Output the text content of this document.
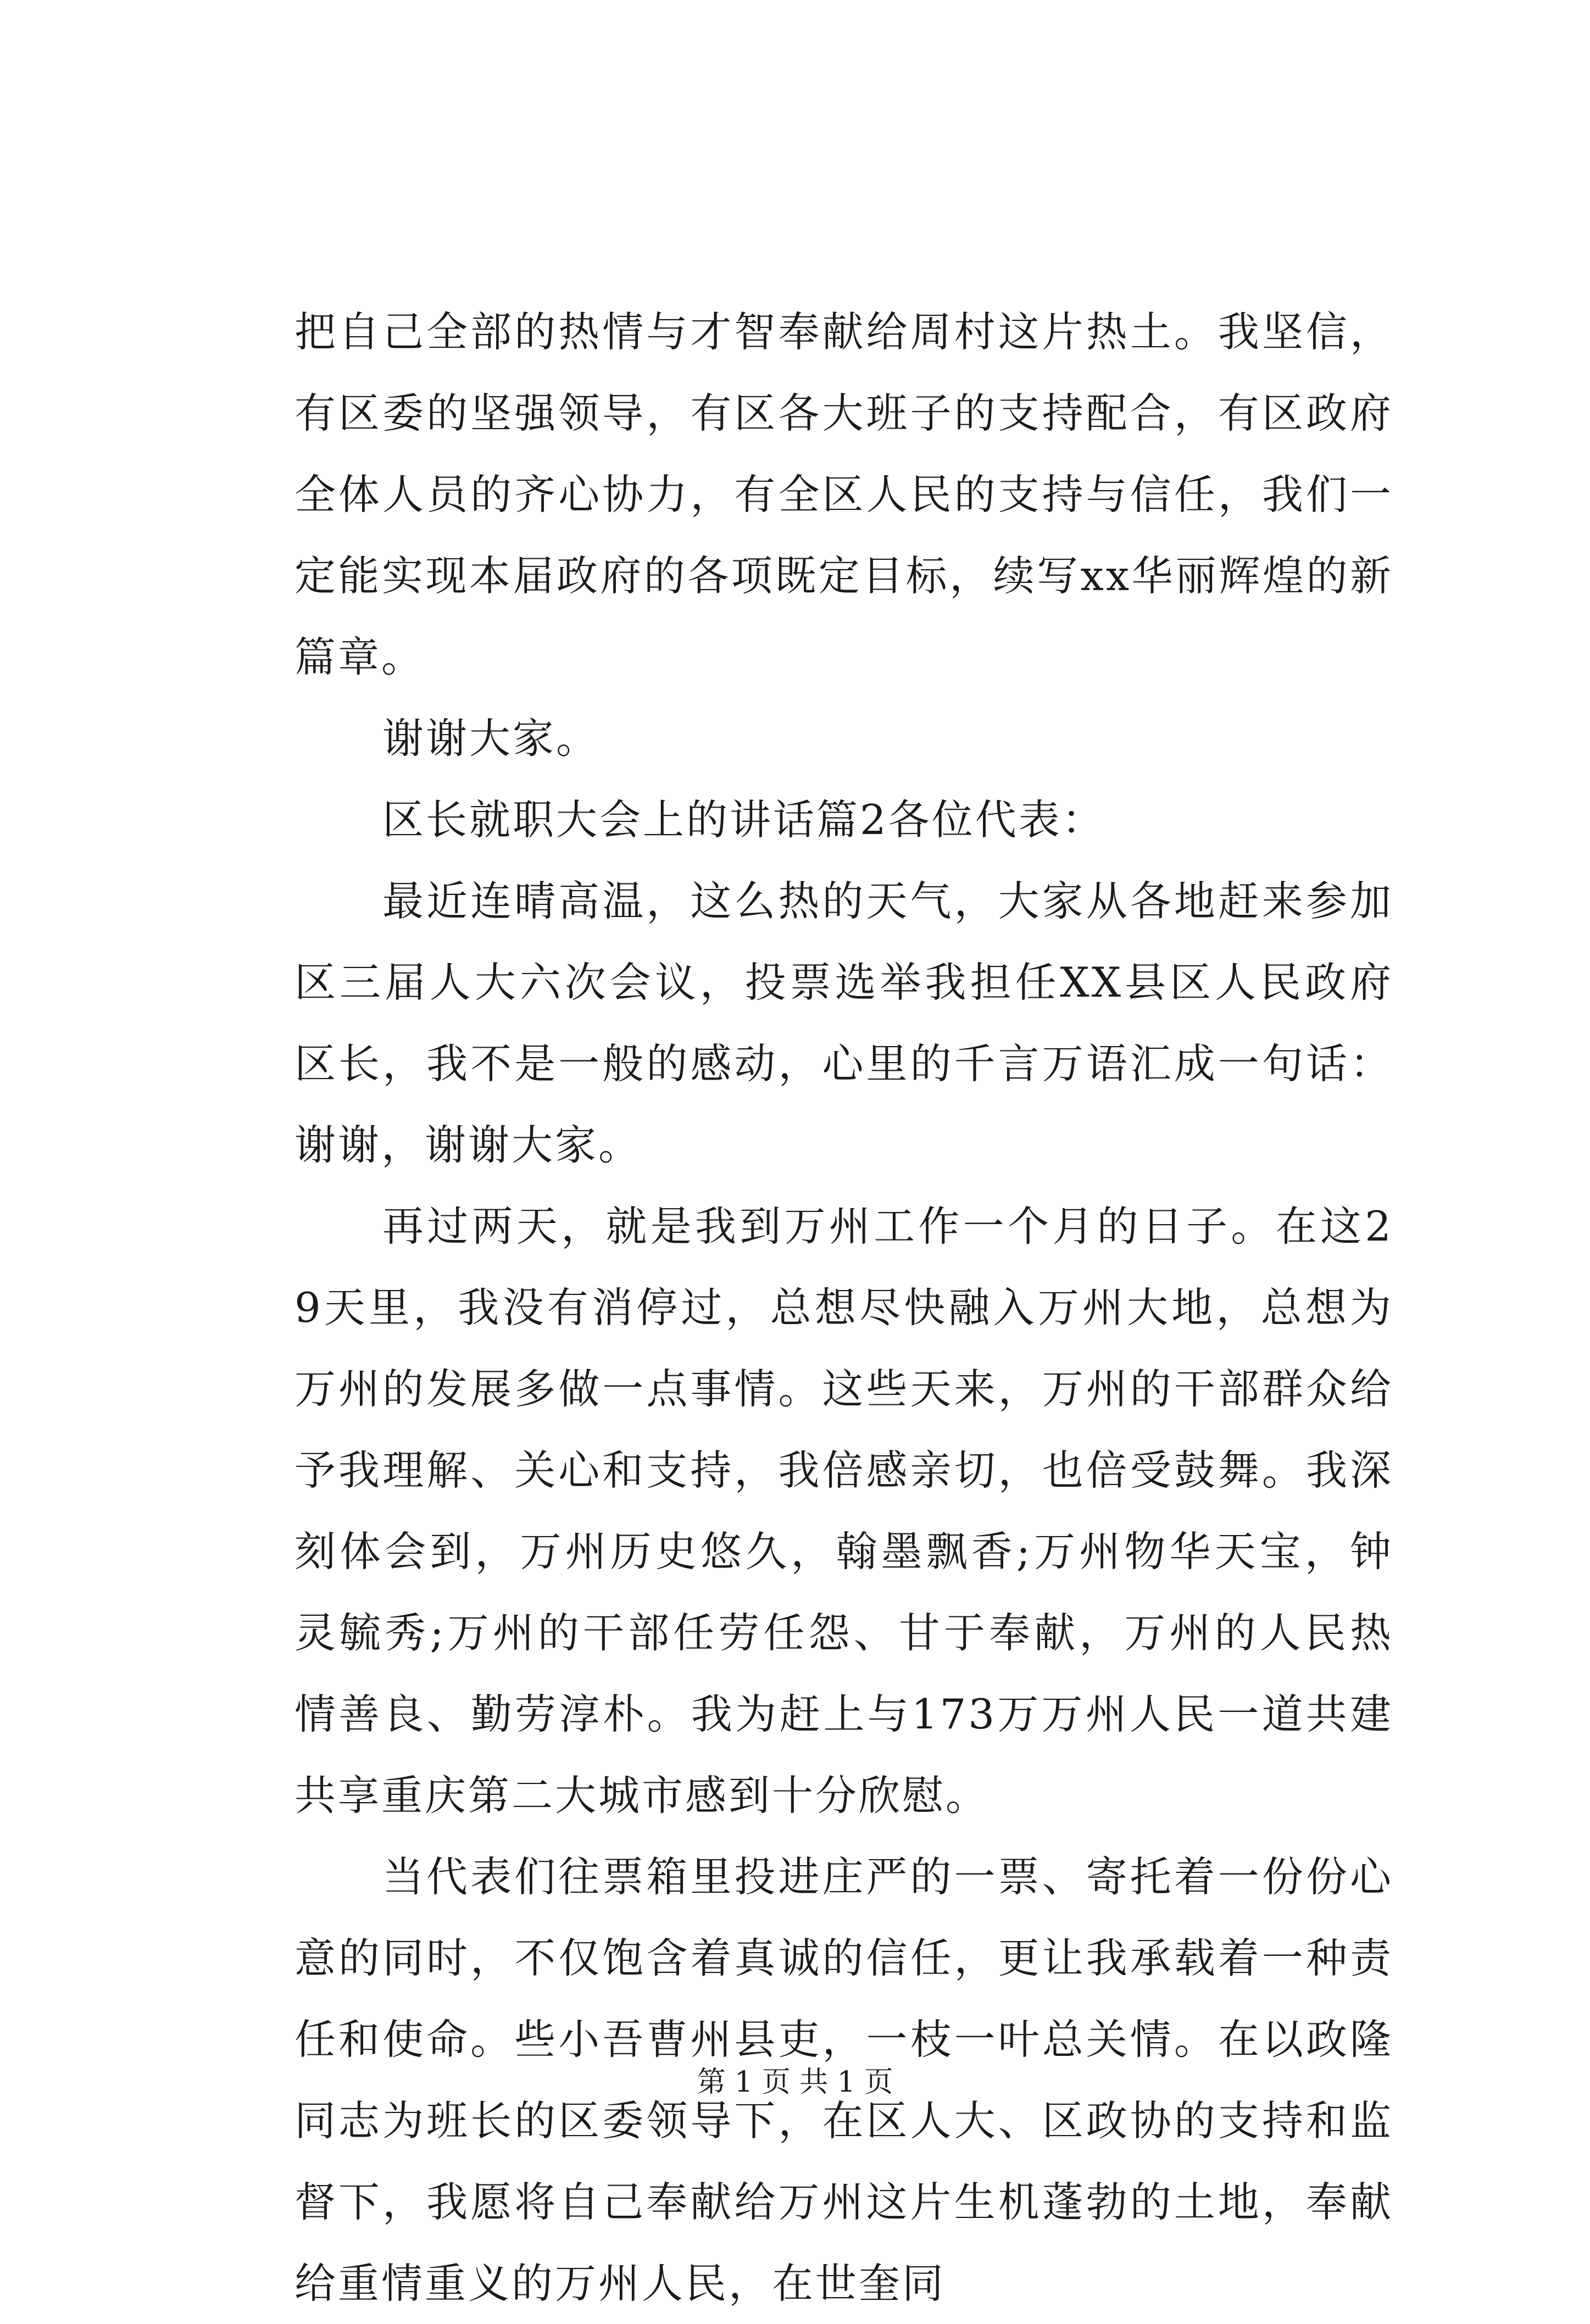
把自己全部的热情与才智奉献给周村这片热土。我坚信，有区委的坚强领导，有区各大班子的支持配合，有区政府全体人员的齐心协力，有全区人民的支持与信任，我们一定能实现本届政府的各项既定目标，续写xx华丽辉煌的新篇章。

谢谢大家。

区长就职大会上的讲话篇2各位代表：

最近连晴高温，这么热的天气，大家从各地赶来参加区三届人大六次会议，投票选举我担任XX县区人民政府区长，我不是一般的感动，心里的千言万语汇成一句话：谢谢，谢谢大家。

再过两天，就是我到万州工作一个月的日子。在这29天里，我没有消停过，总想尽快融入万州大地，总想为万州的发展多做一点事情。这些天来，万州的干部群众给予我理解、关心和支持，我倍感亲切，也倍受鼓舞。我深刻体会到，万州历史悠久，翰墨飘香;万州物华天宝，钟灵毓秀;万州的干部任劳任怨、甘于奉献，万州的人民热情善良、勤劳淳朴。我为赶上与173万万州人民一道共建共享重庆第二大城市感到十分欣慰。

当代表们往票箱里投进庄严的一票、寄托着一份份心意的同时，不仅饱含着真诚的信任，更让我承载着一种责任和使命。些小吾曹州县吏，一枝一叶总关情。在以政隆同志为班长的区委领导下，在区人大、区政协的支持和监督下，我愿将自己奉献给万州这片生机蓬勃的土地，奉献给重情重义的万州人民，在世奎同

第 1 页 共 1 页
